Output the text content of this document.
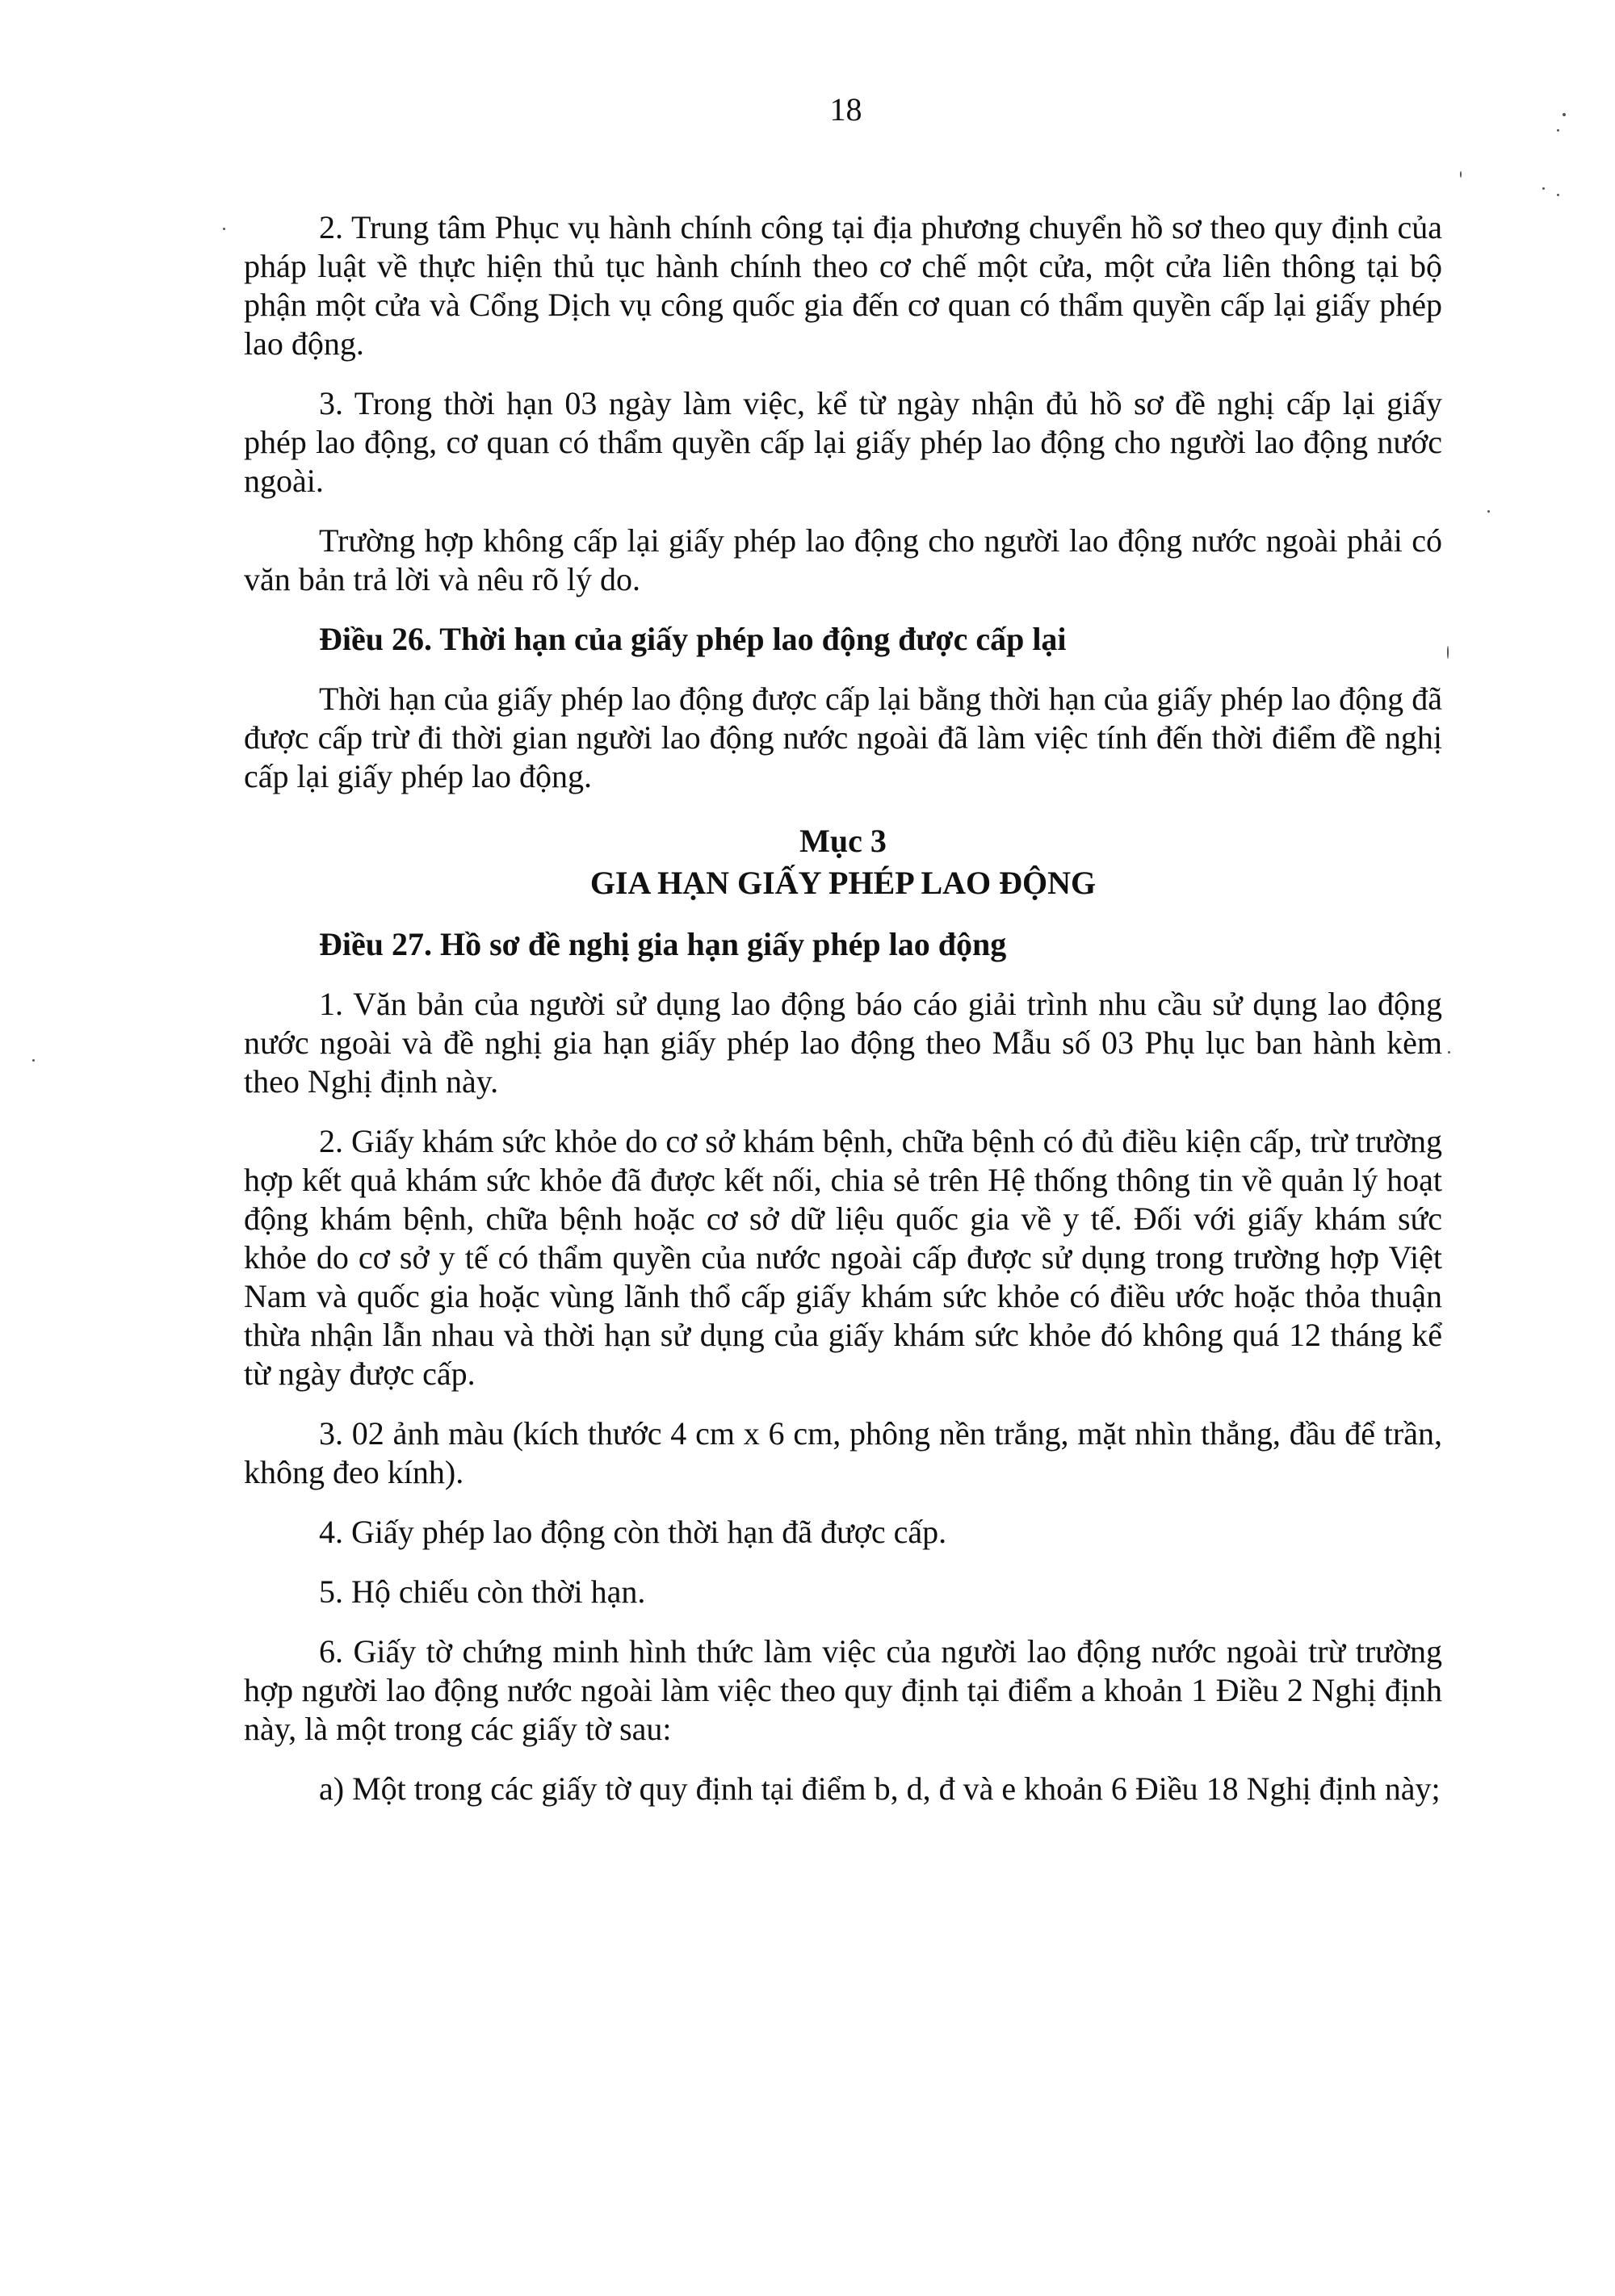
18

2. Trung tâm Phục vụ hành chính công tại địa phương chuyển hồ sơ theo quy định của pháp luật về thực hiện thủ tục hành chính theo cơ chế một cửa, một cửa liên thông tại bộ phận một cửa và Cổng Dịch vụ công quốc gia đến cơ quan có thẩm quyền cấp lại giấy phép lao động.

3. Trong thời hạn 03 ngày làm việc, kể từ ngày nhận đủ hồ sơ đề nghị cấp lại giấy phép lao động, cơ quan có thẩm quyền cấp lại giấy phép lao động cho người lao động nước ngoài.

Trường hợp không cấp lại giấy phép lao động cho người lao động nước ngoài phải có văn bản trả lời và nêu rõ lý do.

Điều 26. Thời hạn của giấy phép lao động được cấp lại

Thời hạn của giấy phép lao động được cấp lại bằng thời hạn của giấy phép lao động đã được cấp trừ đi thời gian người lao động nước ngoài đã làm việc tính đến thời điểm đề nghị cấp lại giấy phép lao động.

Mục 3
GIA HẠN GIẤY PHÉP LAO ĐỘNG

Điều 27. Hồ sơ đề nghị gia hạn giấy phép lao động

1. Văn bản của người sử dụng lao động báo cáo giải trình nhu cầu sử dụng lao động nước ngoài và đề nghị gia hạn giấy phép lao động theo Mẫu số 03 Phụ lục ban hành kèm theo Nghị định này.

2. Giấy khám sức khỏe do cơ sở khám bệnh, chữa bệnh có đủ điều kiện cấp, trừ trường hợp kết quả khám sức khỏe đã được kết nối, chia sẻ trên Hệ thống thông tin về quản lý hoạt động khám bệnh, chữa bệnh hoặc cơ sở dữ liệu quốc gia về y tế. Đối với giấy khám sức khỏe do cơ sở y tế có thẩm quyền của nước ngoài cấp được sử dụng trong trường hợp Việt Nam và quốc gia hoặc vùng lãnh thổ cấp giấy khám sức khỏe có điều ước hoặc thỏa thuận thừa nhận lẫn nhau và thời hạn sử dụng của giấy khám sức khỏe đó không quá 12 tháng kể từ ngày được cấp.

3. 02 ảnh màu (kích thước 4 cm x 6 cm, phông nền trắng, mặt nhìn thẳng, đầu để trần, không đeo kính).

4. Giấy phép lao động còn thời hạn đã được cấp.

5. Hộ chiếu còn thời hạn.

6. Giấy tờ chứng minh hình thức làm việc của người lao động nước ngoài trừ trường hợp người lao động nước ngoài làm việc theo quy định tại điểm a khoản 1 Điều 2 Nghị định này, là một trong các giấy tờ sau:

a) Một trong các giấy tờ quy định tại điểm b, d, đ và e khoản 6 Điều 18 Nghị định này;
